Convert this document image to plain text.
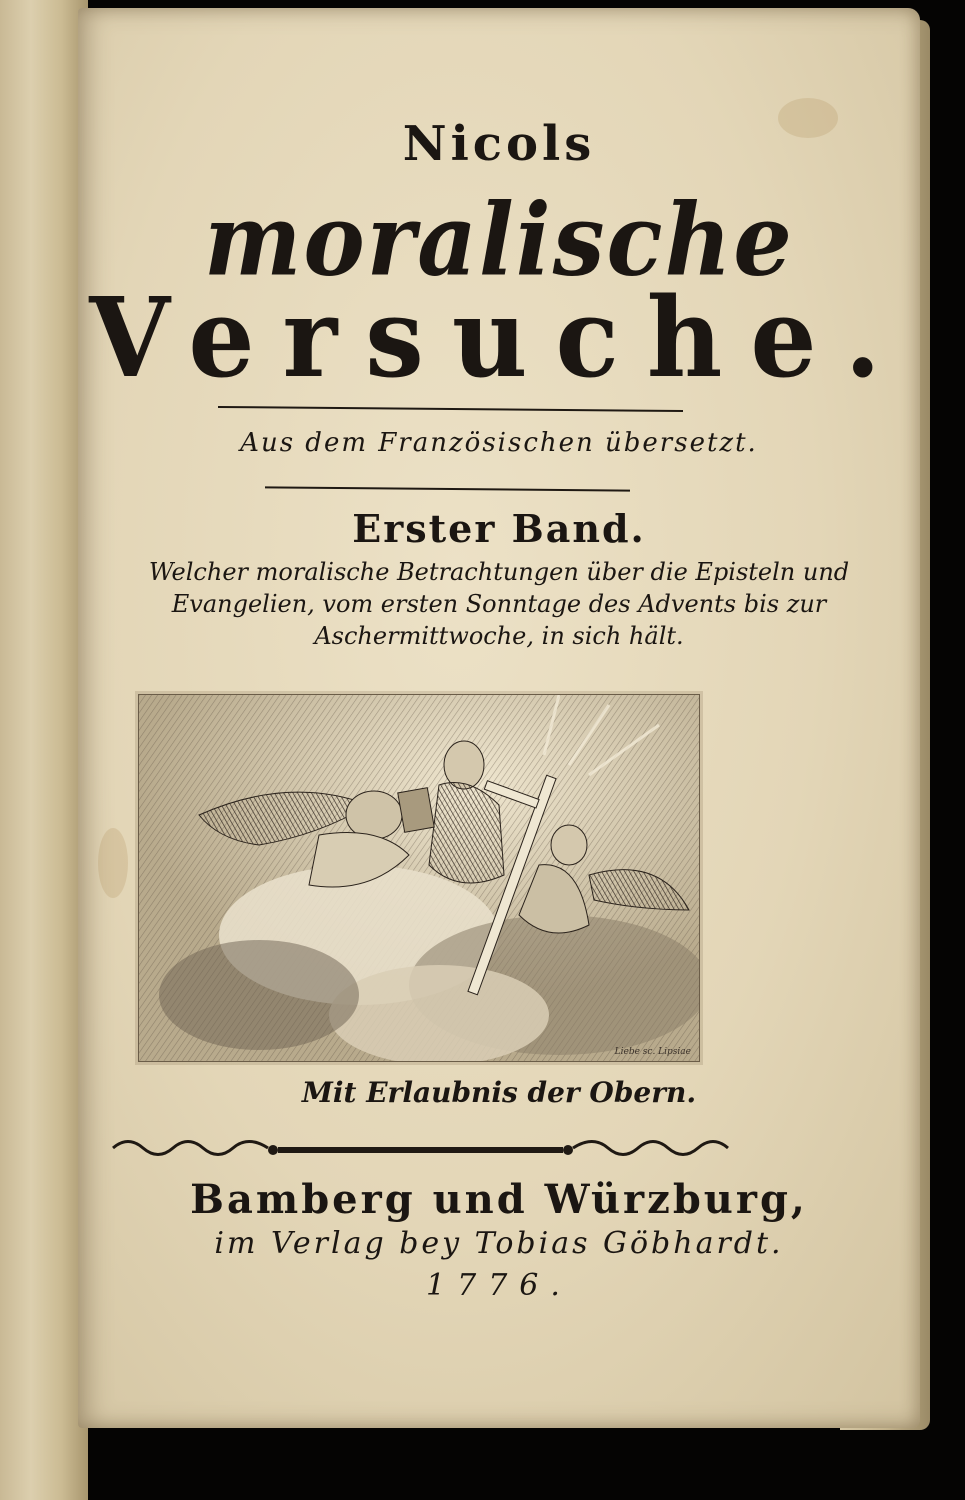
Nicols

moralische

Versuche.

Aus dem Französischen übersetzt.

Erster Band.

Welcher moralische Betrachtungen über die Episteln und Evangelien, vom ersten Sonntage des Advents bis zur Aschermittwoche, in sich hält.

Liebe sc. Lipsiae

Mit Erlaubnis der Obern.

Bamberg und Würzburg,

im Verlag bey Tobias Göbhardt.

1776.
